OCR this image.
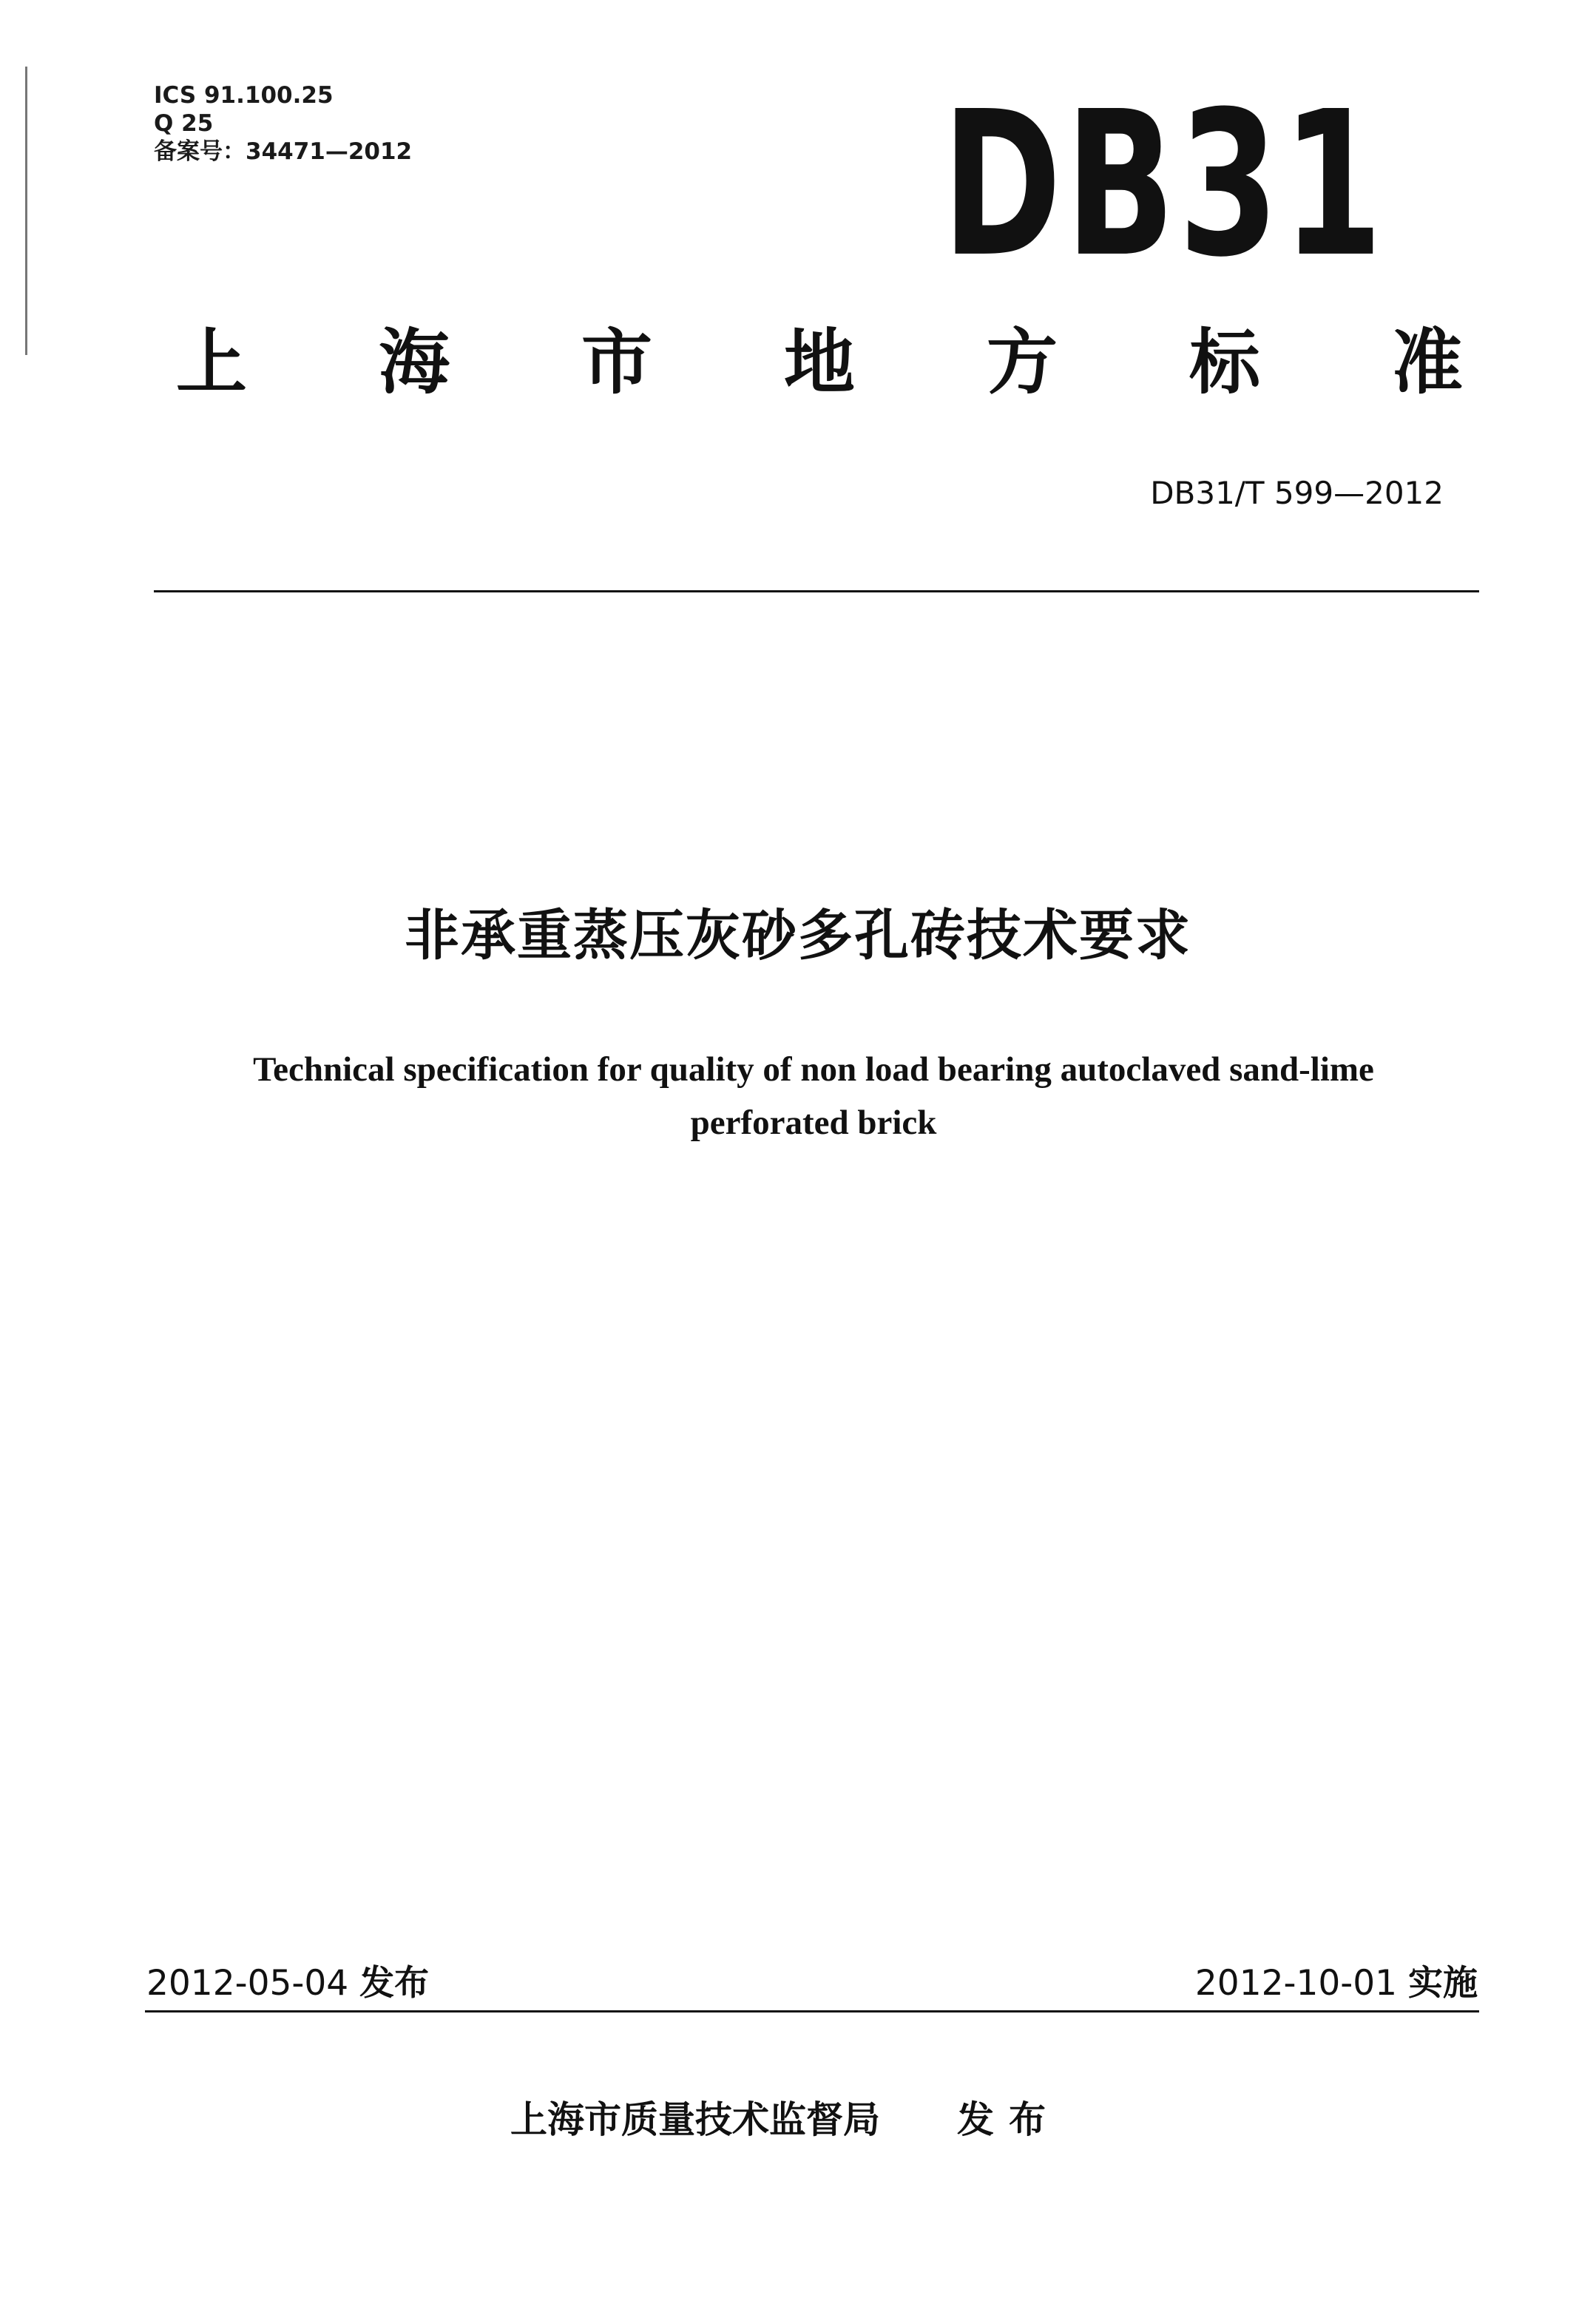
ICS 91.100.25
Q 25
备案号：34471—2012	DB31
上 海 市 地 方 标 准
DB31/T 599—2012
非承重蒸压灰砂多孔砖技术要求
Technical specification for quality of non load bearing autoclaved sand-lime
perforated brick
2012-05-04 发布	2012-10-01 实施
上海市质量技术监督局 发布
